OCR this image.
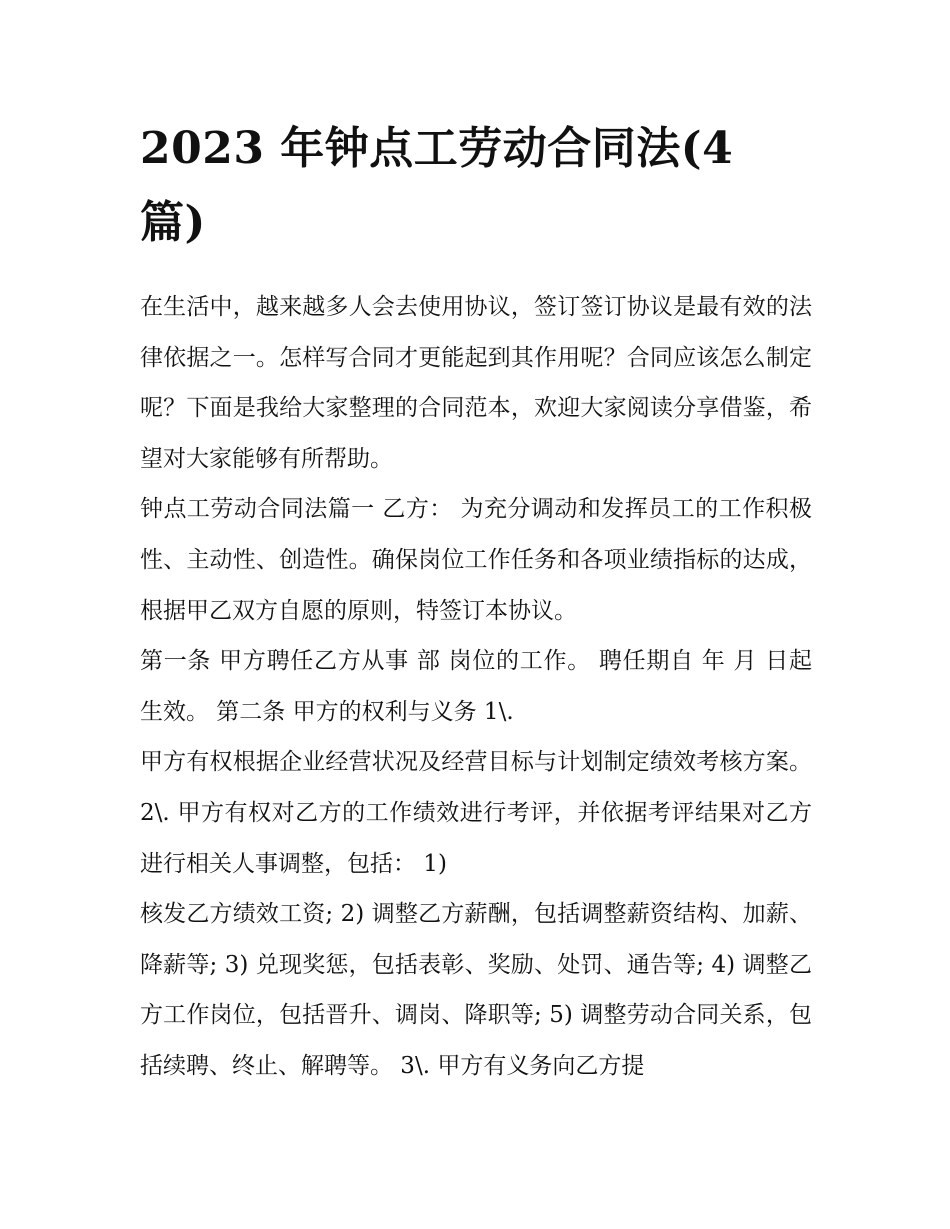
2023 年钟点工劳动合同法(4 篇)

在生活中，越来越多人会去使用协议，签订签订协议是最有效的法律依据之一。怎样写合同才更能起到其作用呢？合同应该怎么制定呢？下面是我给大家整理的合同范本，欢迎大家阅读分享借鉴，希望对大家能够有所帮助。

钟点工劳动合同法篇一 乙方： 为充分调动和发挥员工的工作积极性、主动性、创造性。确保岗位工作任务和各项业绩指标的达成，根据甲乙双方自愿的原则，特签订本协议。

第一条 甲方聘任乙方从事 部 岗位的工作。 聘任期自 年 月 日起生效。 第二条 甲方的权利与义务 1\.

甲方有权根据企业经营状况及经营目标与计划制定绩效考核方案。 2\. 甲方有权对乙方的工作绩效进行考评，并依据考评结果对乙方进行相关人事调整，包括： 1)

核发乙方绩效工资; 2) 调整乙方薪酬，包括调整薪资结构、加薪、降薪等; 3) 兑现奖惩，包括表彰、奖励、处罚、通告等; 4) 调整乙方工作岗位，包括晋升、调岗、降职等; 5) 调整劳动合同关系，包括续聘、终止、解聘等。 3\. 甲方有义务向乙方提
